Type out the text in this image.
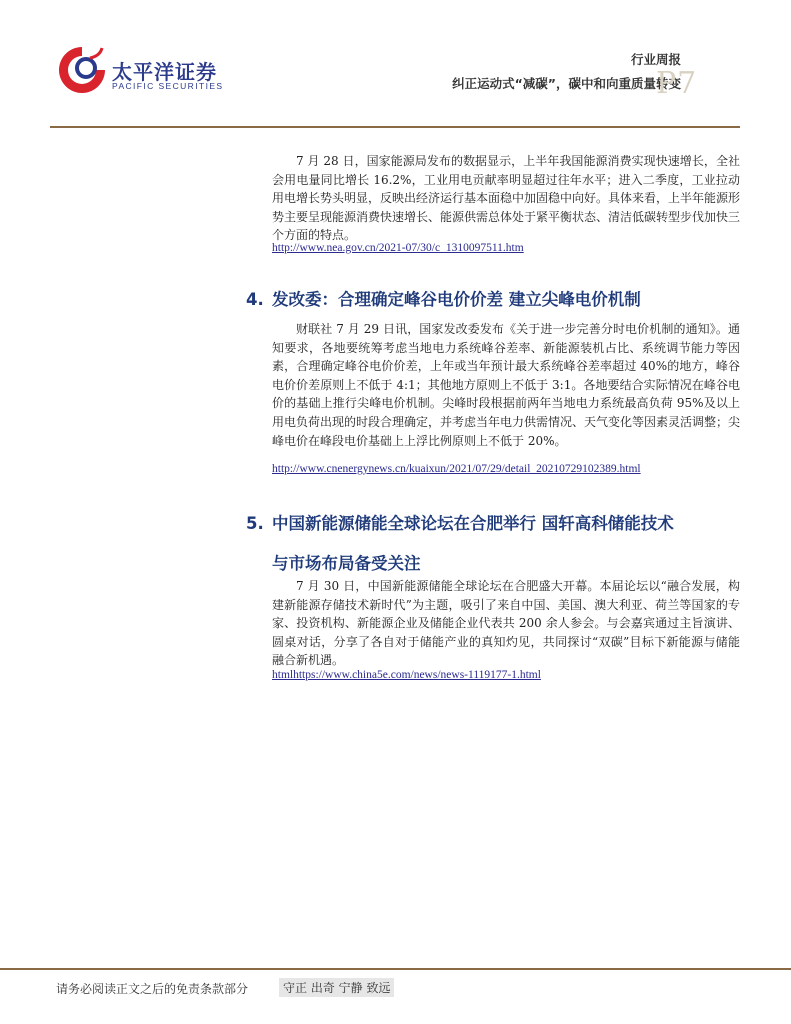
太平洋证券
PACIFIC SECURITIES
行业周报
纠正运动式“减碳”，碳中和向重质量转变
P7

7 月 28 日，国家能源局发布的数据显示，上半年我国能源消费实现快速增长，全社会用电量同比增长 16.2%，工业用电贡献率明显超过往年水平；进入二季度，工业拉动用电增长势头明显，反映出经济运行基本面稳中加固稳中向好。具体来看，上半年能源形势主要呈现能源消费快速增长、能源供需总体处于紧平衡状态、清洁低碳转型步伐加快三个方面的特点。

http://www.nea.gov.cn/2021-07/30/c_1310097511.htm
4. 发改委：合理确定峰谷电价价差 建立尖峰电价机制

财联社 7 月 29 日讯，国家发改委发布《关于进一步完善分时电价机制的通知》。通知要求，各地要统筹考虑当地电力系统峰谷差率、新能源装机占比、系统调节能力等因素，合理确定峰谷电价价差，上年或当年预计最大系统峰谷差率超过 40%的地方，峰谷电价价差原则上不低于 4:1；其他地方原则上不低于 3:1。各地要结合实际情况在峰谷电价的基础上推行尖峰电价机制。尖峰时段根据前两年当地电力系统最高负荷 95%及以上用电负荷出现的时段合理确定，并考虑当年电力供需情况、天气变化等因素灵活调整；尖峰电价在峰段电价基础上上浮比例原则上不低于 20%。

http://www.cnenergynews.cn/kuaixun/2021/07/29/detail_20210729102389.html
5. 中国新能源储能全球论坛在合肥举行 国轩高科储能技术
与市场布局备受关注

7 月 30 日，中国新能源储能全球论坛在合肥盛大开幕。本届论坛以“融合发展，构建新能源存储技术新时代”为主题，吸引了来自中国、美国、澳大利亚、荷兰等国家的专家、投资机构、新能源企业及储能企业代表共 200 余人参会。与会嘉宾通过主旨演讲、圆桌对话，分享了各自对于储能产业的真知灼见，共同探讨“双碳”目标下新能源与储能融合新机遇。

htmlhttps://www.china5e.com/news/news-1119177-1.html
请务必阅读正文之后的免责条款部分	守正 出奇 宁静 致远
